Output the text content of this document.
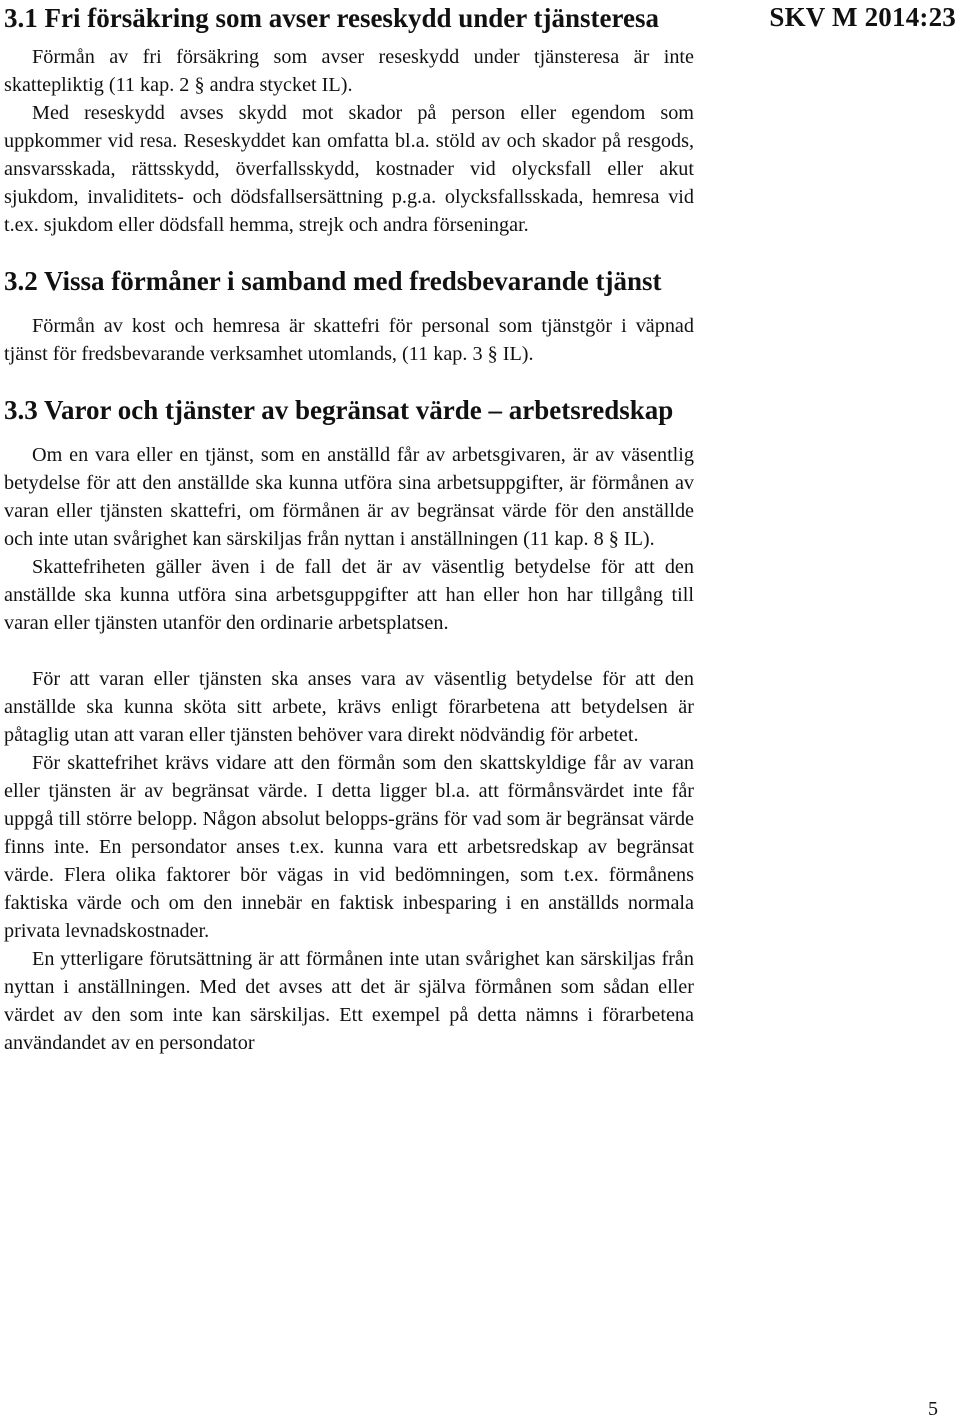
SKV M 2014:23
3.1 Fri försäkring som avser reseskydd under tjänsteresa

Förmån av fri försäkring som avser reseskydd under tjänsteresa är inte skattepliktig (11 kap. 2 § andra stycket IL).

Med reseskydd avses skydd mot skador på person eller egendom som uppkommer vid resa. Reseskyddet kan omfatta bl.a. stöld av och skador på resgods, ansvarsskada, rättsskydd, överfallsskydd, kostnader vid olycksfall eller akut sjukdom, invaliditets- och dödsfallsersättning p.g.a. olycksfallsskada, hemresa vid t.ex. sjukdom eller dödsfall hemma, strejk och andra förseningar.

3.2 Vissa förmåner i samband med fredsbevarande tjänst

Förmån av kost och hemresa är skattefri för personal som tjänstgör i väpnad tjänst för fredsbevarande verksamhet utomlands, (11 kap. 3 § IL).

3.3 Varor och tjänster av begränsat värde – arbetsredskap

Om en vara eller en tjänst, som en anställd får av arbetsgivaren, är av väsentlig betydelse för att den anställde ska kunna utföra sina arbetsuppgifter, är förmånen av varan eller tjänsten skattefri, om förmånen är av begränsat värde för den anställde och inte utan svårighet kan särskiljas från nyttan i anställningen (11 kap. 8 § IL).

Skattefriheten gäller även i de fall det är av väsentlig betydelse för att den anställde ska kunna utföra sina arbetsguppgifter att han eller hon har tillgång till varan eller tjänsten utanför den ordinarie arbetsplatsen.

För att varan eller tjänsten ska anses vara av väsentlig betydelse för att den anställde ska kunna sköta sitt arbete, krävs enligt förarbetena att betydelsen är påtaglig utan att varan eller tjänsten behöver vara direkt nödvändig för arbetet.

För skattefrihet krävs vidare att den förmån som den skattskyldige får av varan eller tjänsten är av begränsat värde. I detta ligger bl.a. att förmånsvärdet inte får uppgå till större belopp. Någon absolut belopps-gräns för vad som är begränsat värde finns inte. En persondator anses t.ex. kunna vara ett arbetsredskap av begränsat värde. Flera olika faktorer bör vägas in vid bedömningen, som t.ex. förmånens faktiska värde och om den innebär en faktisk inbesparing i en anställds normala privata levnadskostnader.

En ytterligare förutsättning är att förmånen inte utan svårighet kan särskiljas från nyttan i anställningen. Med det avses att det är själva förmånen som sådan eller värdet av den som inte kan särskiljas. Ett exempel på detta nämns i förarbetena användandet av en persondator

5
